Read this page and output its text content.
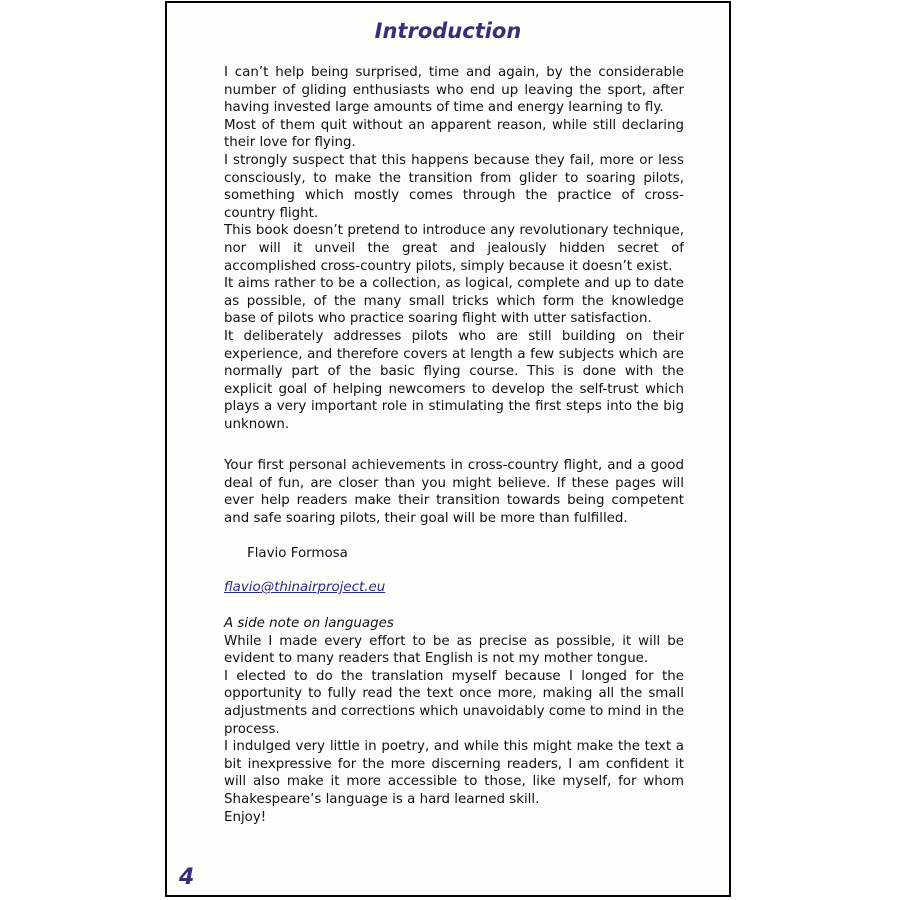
Introduction

I can’t help being surprised, time and again, by the considerable number of gliding enthusiasts who end up leaving the sport, after having invested large amounts of time and energy learning to fly.

Most of them quit without an apparent reason, while still declaring their love for flying.

I strongly suspect that this happens because they fail, more or less consciously, to make the transition from glider to soaring pilots, something which mostly comes through the practice of cross-country flight.

This book doesn’t pretend to introduce any revolutionary technique, nor will it unveil the great and jealously hidden secret of accomplished cross-country pilots, simply because it doesn’t exist.

It aims rather to be a collection, as logical, complete and up to date as possible, of the many small tricks which form the knowledge base of pilots who practice soaring flight with utter satisfaction.

It deliberately addresses pilots who are still building on their experience, and therefore covers at length a few subjects which are normally part of the basic flying course. This is done with the explicit goal of helping newcomers to develop the self-trust which plays a very important role in stimulating the first steps into the big unknown.

Your first personal achievements in cross-country flight, and a good deal of fun, are closer than you might believe. If these pages will ever help readers make their transition towards being competent and safe soaring pilots, their goal will be more than fulfilled.

Flavio Formosa
flavio@thinairproject.eu

A side note on languages

While I made every effort to be as precise as possible, it will be evident to many readers that English is not my mother tongue.

I elected to do the translation myself because I longed for the opportunity to fully read the text once more, making all the small adjustments and corrections which unavoidably come to mind in the process.

I indulged very little in poetry, and while this might make the text a bit inexpressive for the more discerning readers, I am confident it will also make it more accessible to those, like myself, for whom Shakespeare’s language is a hard learned skill.

Enjoy!

4
